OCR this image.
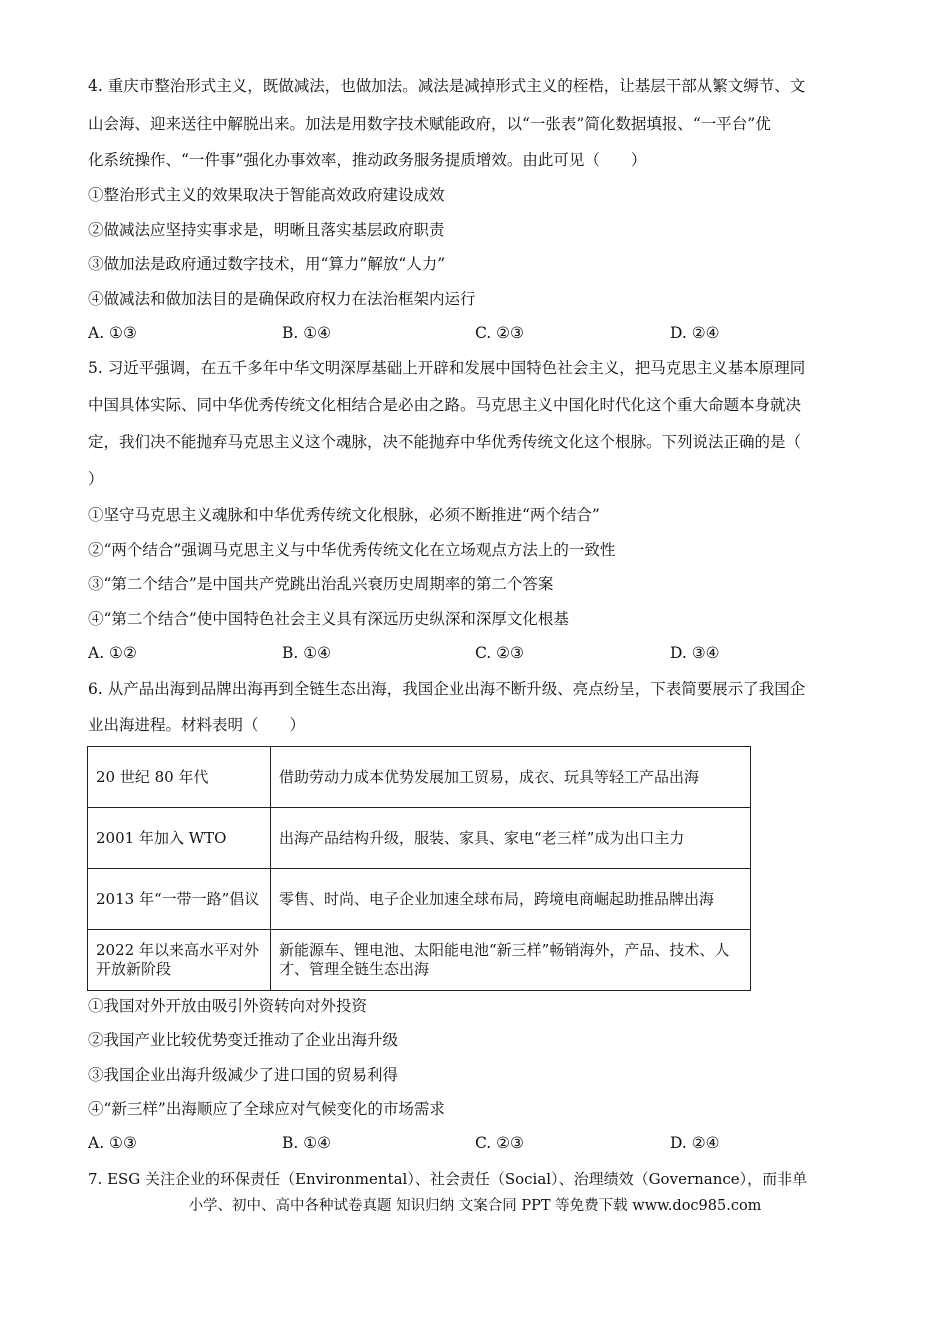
4. 重庆市整治形式主义，既做减法，也做加法。减法是减掉形式主义的桎梏，让基层干部从繁文缛节、文
山会海、迎来送往中解脱出来。加法是用数字技术赋能政府，以“一张表”简化数据填报、“一平台”优
化系统操作、“一件事”强化办事效率，推动政务服务提质增效。由此可见（　　）
①整治形式主义的效果取决于智能高效政府建设成效
②做减法应坚持实事求是，明晰且落实基层政府职责
③做加法是政府通过数字技术，用“算力”解放“人力”
④做减法和做加法目的是确保政府权力在法治框架内运行
A. ①③	B. ①④	C. ②③	D. ②④
5. 习近平强调，在五千多年中华文明深厚基础上开辟和发展中国特色社会主义，把马克思主义基本原理同
中国具体实际、同中华优秀传统文化相结合是必由之路。马克思主义中国化时代化这个重大命题本身就决
定，我们决不能抛弃马克思主义这个魂脉，决不能抛弃中华优秀传统文化这个根脉。下列说法正确的是（
）
①坚守马克思主义魂脉和中华优秀传统文化根脉，必须不断推进“两个结合”
②“两个结合”强调马克思主义与中华优秀传统文化在立场观点方法上的一致性
③“第二个结合”是中国共产党跳出治乱兴衰历史周期率的第二个答案
④“第二个结合”使中国特色社会主义具有深远历史纵深和深厚文化根基
A. ①②	B. ①④	C. ②③	D. ③④
6. 从产品出海到品牌出海再到全链生态出海，我国企业出海不断升级、亮点纷呈，下表简要展示了我国企
业出海进程。材料表明（　　）
20 世纪 80 年代	借助劳动力成本优势发展加工贸易，成衣、玩具等轻工产品出海
2001 年加入 WTO	出海产品结构升级，服装、家具、家电“老三样”成为出口主力
2013 年“一带一路”倡议	零售、时尚、电子企业加速全球布局，跨境电商崛起助推品牌出海
2022 年以来高水平对外开放新阶段	新能源车、锂电池、太阳能电池“新三样”畅销海外，产品、技术、人才、管理全链生态出海
①我国对外开放由吸引外资转向对外投资
②我国产业比较优势变迁推动了企业出海升级
③我国企业出海升级减少了进口国的贸易利得
④“新三样”出海顺应了全球应对气候变化的市场需求
A. ①③	B. ①④	C. ②③	D. ②④
7. ESG 关注企业的环保责任（Environmental）、社会责任（Social）、治理绩效（Governance），而非单
小学、初中、高中各种试卷真题 知识归纳 文案合同 PPT 等免费下载 www.doc985.com
